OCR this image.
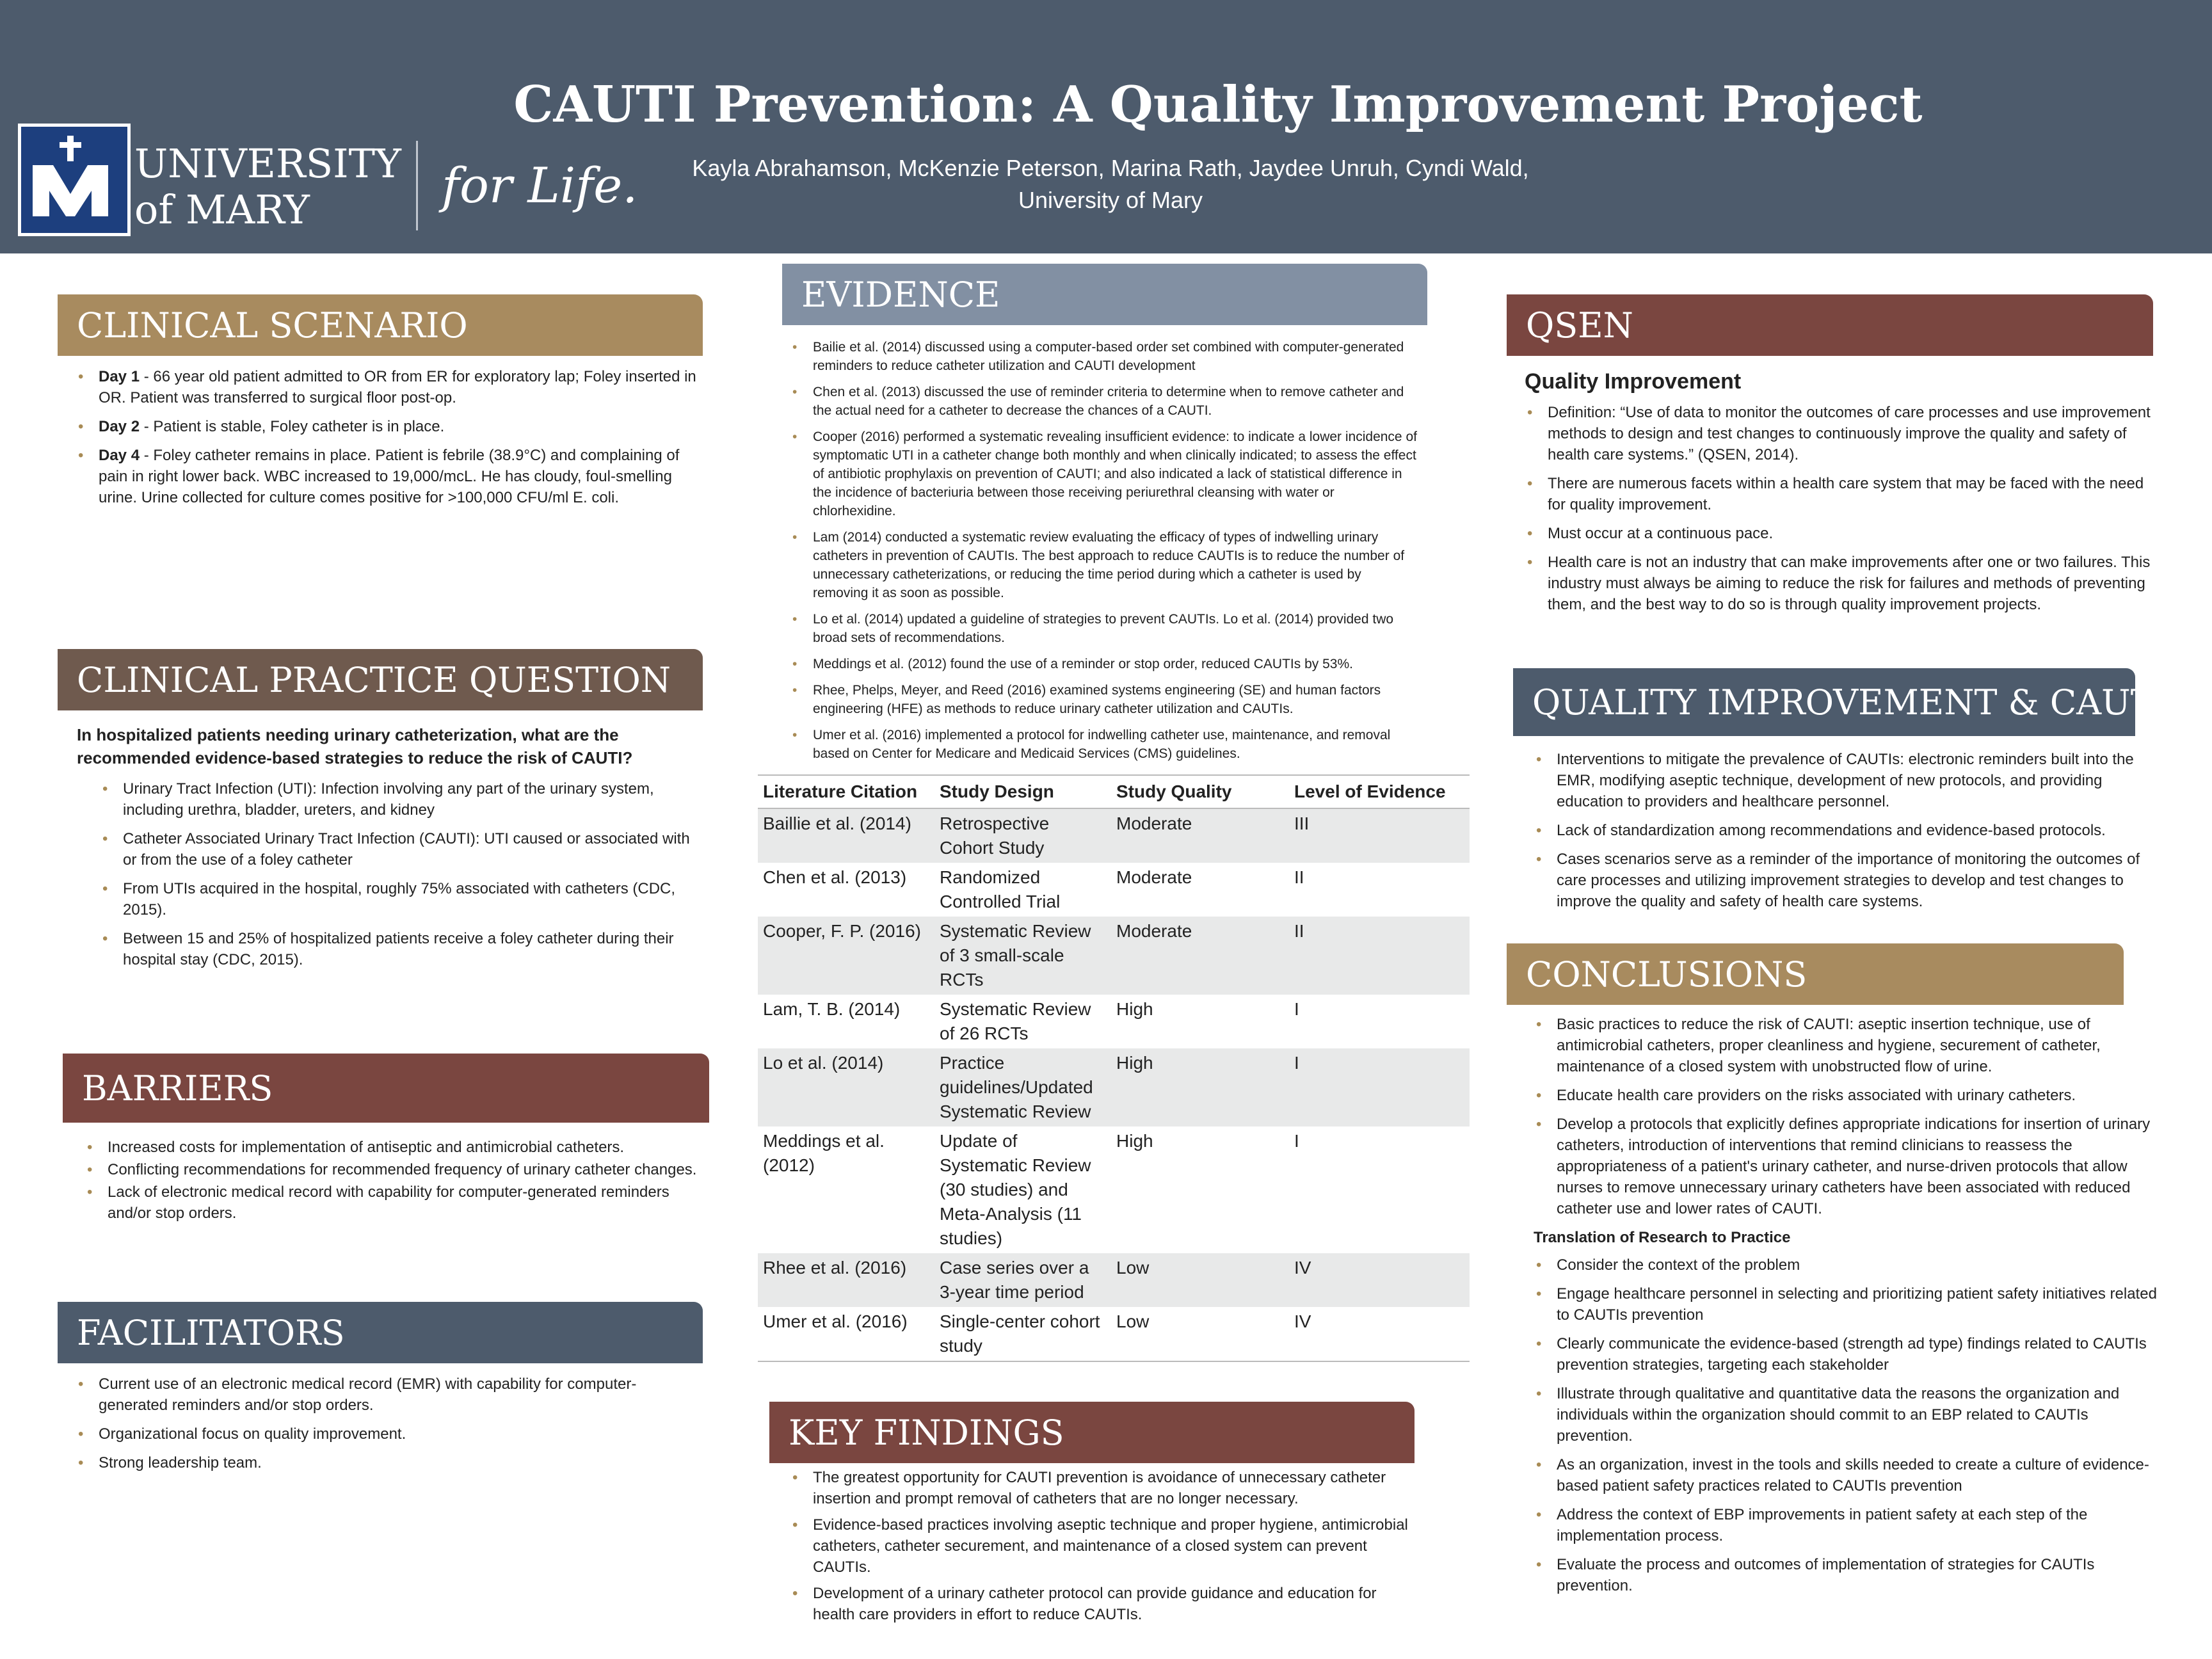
UNIVERSITY
of MARY	for Life.
CAUTI Prevention: A Quality Improvement Project
Kayla Abrahamson, McKenzie Peterson, Marina Rath, Jaydee Unruh, Cyndi Wald,
University of Mary
CLINICAL SCENARIO
• Day 1 - 66 year old patient admitted to OR from ER for exploratory lap; Foley inserted in OR. Patient was transferred to surgical floor post-op.
• Day 2 - Patient is stable, Foley catheter is in place.
• Day 4 - Foley catheter remains in place. Patient is febrile (38.9°C) and complaining of pain in right lower back. WBC increased to 19,000/mcL. He has cloudy, foul-smelling urine. Urine collected for culture comes positive for >100,000 CFU/ml E. coli.
CLINICAL PRACTICE QUESTION
In hospitalized patients needing urinary catheterization, what are the recommended evidence-based strategies to reduce the risk of CAUTI?
• Urinary Tract Infection (UTI): Infection involving any part of the urinary system, including urethra, bladder, ureters, and kidney
• Catheter Associated Urinary Tract Infection (CAUTI): UTI caused or associated with or from the use of a foley catheter
• From UTIs acquired in the hospital, roughly 75% associated with catheters (CDC, 2015).
• Between 15 and 25% of hospitalized patients receive a foley catheter during their hospital stay (CDC, 2015).
BARRIERS
• Increased costs for implementation of antiseptic and antimicrobial catheters.
• Conflicting recommendations for recommended frequency of urinary catheter changes.
• Lack of electronic medical record with capability for computer-generated reminders and/or stop orders.
FACILITATORS
• Current use of an electronic medical record (EMR) with capability for computer-generated reminders and/or stop orders.
• Organizational focus on quality improvement.
• Strong leadership team.
EVIDENCE
• Bailie et al. (2014) discussed using a computer-based order set combined with computer-generated reminders to reduce catheter utilization and CAUTI development
• Chen et al. (2013) discussed the use of reminder criteria to determine when to remove catheter and the actual need for a catheter to decrease the chances of a CAUTI.
• Cooper (2016) performed a systematic revealing insufficient evidence: to indicate a lower incidence of symptomatic UTI in a catheter change both monthly and when clinically indicated; to assess the effect of antibiotic prophylaxis on prevention of CAUTI; and also indicated a lack of statistical difference in the incidence of bacteriuria between those receiving periurethral cleansing with water or chlorhexidine.
• Lam (2014) conducted a systematic review evaluating the efficacy of types of indwelling urinary catheters in prevention of CAUTIs. The best approach to reduce CAUTIs is to reduce the number of unnecessary catheterizations, or reducing the time period during which a catheter is used by removing it as soon as possible.
• Lo et al. (2014) updated a guideline of strategies to prevent CAUTIs. Lo et al. (2014) provided two broad sets of recommendations.
• Meddings et al. (2012) found the use of a reminder or stop order, reduced CAUTIs by 53%.
• Rhee, Phelps, Meyer, and Reed (2016) examined systems engineering (SE) and human factors engineering (HFE) as methods to reduce urinary catheter utilization and CAUTIs.
• Umer et al. (2016) implemented a protocol for indwelling catheter use, maintenance, and removal based on Center for Medicare and Medicaid Services (CMS) guidelines.
Literature Citation	Study Design	Study Quality	Level of Evidence
Baillie et al. (2014)	Retrospective Cohort Study	Moderate	III
Chen et al. (2013)	Randomized Controlled Trial	Moderate	II
Cooper, F. P. (2016)	Systematic Review of 3 small-scale RCTs	Moderate	II
Lam, T. B. (2014)	Systematic Review of 26 RCTs	High	I
Lo et al. (2014)	Practice guidelines/Updated Systematic Review	High	I
Meddings et al. (2012)	Update of Systematic Review (30 studies) and Meta-Analysis (11 studies)	High	I
Rhee et al. (2016)	Case series over a 3-year time period	Low	IV
Umer et al. (2016)	Single-center cohort study	Low	IV
KEY FINDINGS
• The greatest opportunity for CAUTI prevention is avoidance of unnecessary catheter insertion and prompt removal of catheters that are no longer necessary.
• Evidence-based practices involving aseptic technique and proper hygiene, antimicrobial catheters, catheter securement, and maintenance of a closed system can prevent CAUTIs.
• Development of a urinary catheter protocol can provide guidance and education for health care providers in effort to reduce CAUTIs.
QSEN
Quality Improvement
• Definition: “Use of data to monitor the outcomes of care processes and use improvement methods to design and test changes to continuously improve the quality and safety of health care systems.” (QSEN, 2014).
• There are numerous facets within a health care system that may be faced with the need for quality improvement.
• Must occur at a continuous pace.
• Health care is not an industry that can make improvements after one or two failures. This industry must always be aiming to reduce the risk for failures and methods of preventing them, and the best way to do so is through quality improvement projects.
QUALITY IMPROVEMENT & CAUTI
• Interventions to mitigate the prevalence of CAUTIs: electronic reminders built into the EMR, modifying aseptic technique, development of new protocols, and providing education to providers and healthcare personnel.
• Lack of standardization among recommendations and evidence-based protocols.
• Cases scenarios serve as a reminder of the importance of monitoring the outcomes of care processes and utilizing improvement strategies to develop and test changes to improve the quality and safety of health care systems.
CONCLUSIONS
• Basic practices to reduce the risk of CAUTI: aseptic insertion technique, use of antimicrobial catheters, proper cleanliness and hygiene, securement of catheter, maintenance of a closed system with unobstructed flow of urine.
• Educate health care providers on the risks associated with urinary catheters.
• Develop a protocols that explicitly defines appropriate indications for insertion of urinary catheters, introduction of interventions that remind clinicians to reassess the appropriateness of a patient's urinary catheter, and nurse-driven protocols that allow nurses to remove unnecessary urinary catheters have been associated with reduced catheter use and lower rates of CAUTI.
Translation of Research to Practice
• Consider the context of the problem
• Engage healthcare personnel in selecting and prioritizing patient safety initiatives related to CAUTIs prevention
• Clearly communicate the evidence-based (strength ad type) findings related to CAUTIs prevention strategies, targeting each stakeholder
• Illustrate through qualitative and quantitative data the reasons the organization and individuals within the organization should commit to an EBP related to CAUTIs prevention.
• As an organization, invest in the tools and skills needed to create a culture of evidence-based patient safety practices related to CAUTIs prevention
• Address the context of EBP improvements in patient safety at each step of the implementation process.
• Evaluate the process and outcomes of implementation of strategies for CAUTIs prevention.
